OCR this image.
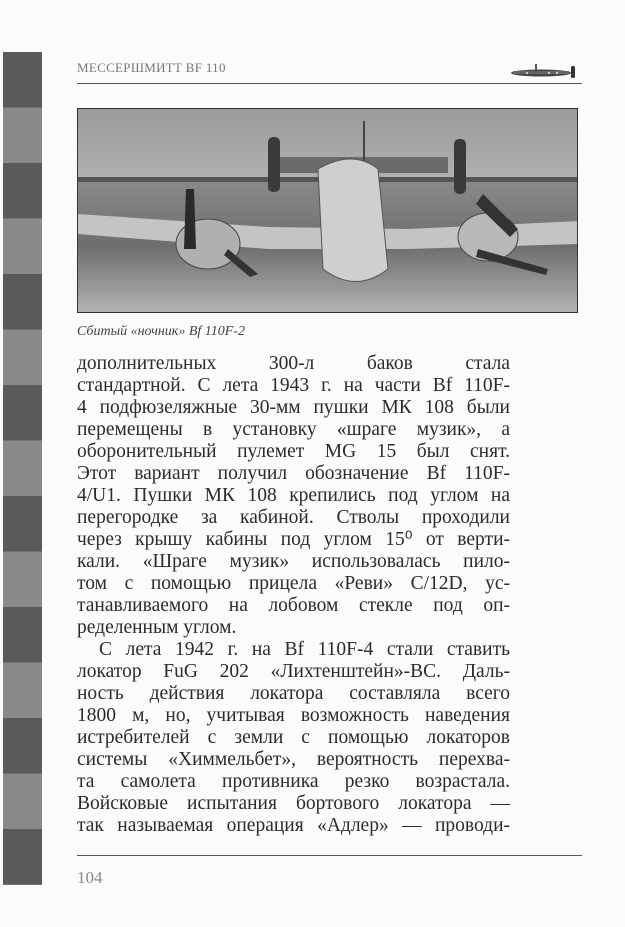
МЕССЕРШМИТТ BF 110
Сбитый «ночник» Bf 110F-2
дополнительных 300-л баков стала
стандартной. С лета 1943 г. на части Bf 110F-
4 подфюзеляжные 30-мм пушки МК 108 были
перемещены в установку «шраге музик», а
оборонительный пулемет MG 15 был снят.
Этот вариант получил обозначение Bf 110F-
4/U1. Пушки МК 108 крепились под углом на
перегородке за кабиной. Стволы проходили
через крышу кабины под углом 15⁰ от верти-
кали. «Шраге музик» использовалась пило-
том с помощью прицела «Реви» С/12D, ус-
танавливаемого на лобовом стекле под оп-
ределенным углом.
С лета 1942 г. на Bf 110F-4 стали ставить
локатор FuG 202 «Лихтенштейн»-ВС. Даль-
ность действия локатора составляла всего
1800 м, но, учитывая возможность наведения
истребителей с земли с помощью локаторов
системы «Химмельбет», вероятность перехва-
та самолета противника резко возрастала.
Войсковые испытания бортового локатора —
так называемая операция «Адлер» — проводи-
104
